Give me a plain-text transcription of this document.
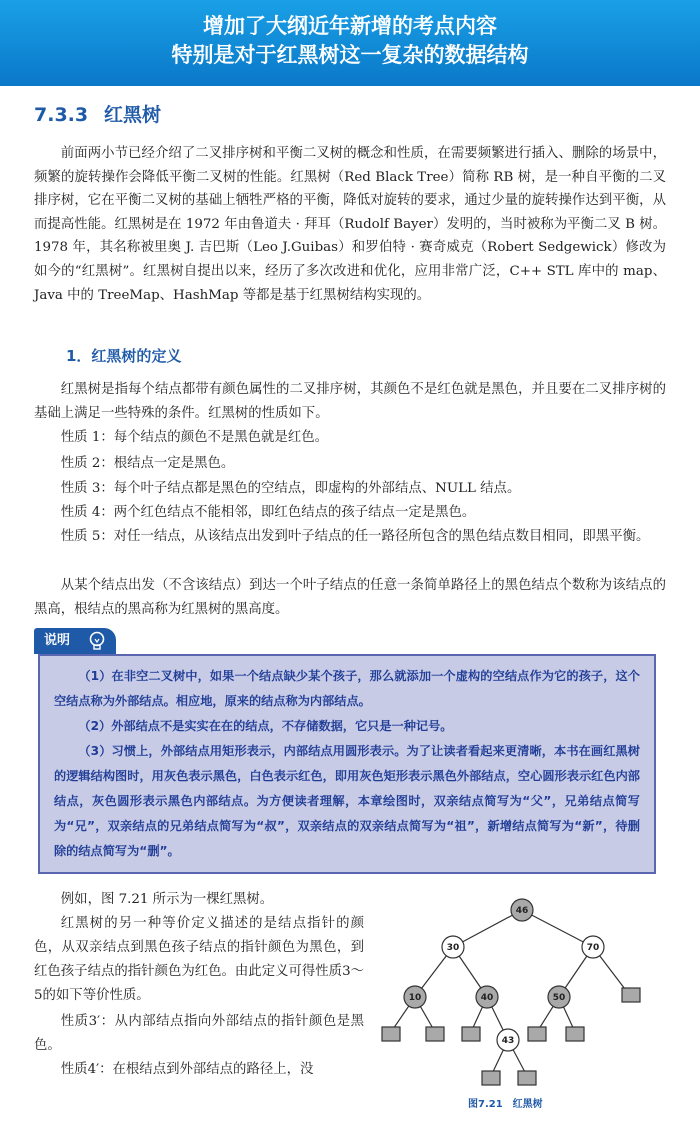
增加了大纲近年新增的考点内容
特别是对于红黑树这一复杂的数据结构
7.3.3 红黑树

前面两小节已经介绍了二叉排序树和平衡二叉树的概念和性质，在需要频繁进行插入、删除的场景中，频繁的旋转操作会降低平衡二叉树的性能。红黑树（Red Black Tree）简称 RB 树，是一种自平衡的二叉排序树，它在平衡二叉树的基础上牺牲严格的平衡，降低对旋转的要求，通过少量的旋转操作达到平衡，从而提高性能。红黑树是在 1972 年由鲁道夫 · 拜耳（Rudolf Bayer）发明的，当时被称为平衡二叉 B 树。1978 年，其名称被里奥 J. 吉巴斯（Leo J.Guibas）和罗伯特 · 赛奇威克（Robert Sedgewick）修改为如今的“红黑树”。红黑树自提出以来，经历了多次改进和优化，应用非常广泛，C++ STL 库中的 map、Java 中的 TreeMap、HashMap 等都是基于红黑树结构实现的。

1．红黑树的定义

红黑树是指每个结点都带有颜色属性的二叉排序树，其颜色不是红色就是黑色，并且要在二叉排序树的基础上满足一些特殊的条件。红黑树的性质如下。

性质 1：每个结点的颜色不是黑色就是红色。

性质 2：根结点一定是黑色。

性质 3：每个叶子结点都是黑色的空结点，即虚构的外部结点、NULL 结点。

性质 4：两个红色结点不能相邻，即红色结点的孩子结点一定是黑色。

性质 5：对任一结点，从该结点出发到叶子结点的任一路径所包含的黑色结点数目相同，即黑平衡。

从某个结点出发（不含该结点）到达一个叶子结点的任意一条简单路径上的黑色结点个数称为该结点的黑高，根结点的黑高称为红黑树的黑高度。

说明

（1）在非空二叉树中，如果一个结点缺少某个孩子，那么就添加一个虚构的空结点作为它的孩子，这个空结点称为外部结点。相应地，原来的结点称为内部结点。

（2）外部结点不是实实在在的结点，不存储数据，它只是一种记号。

（3）习惯上，外部结点用矩形表示，内部结点用圆形表示。为了让读者看起来更清晰，本书在画红黑树的逻辑结构图时，用灰色表示黑色，白色表示红色，即用灰色矩形表示黑色外部结点，空心圆形表示红色内部结点，灰色圆形表示黑色内部结点。为方便读者理解，本章绘图时，双亲结点简写为“父”，兄弟结点简写为“兄”，双亲结点的兄弟结点简写为“叔”，双亲结点的双亲结点简写为“祖”，新增结点简写为“新”，待删除的结点简写为“删”。

例如，图 7.21 所示为一棵红黑树。

红黑树的另一种等价定义描述的是结点指针的颜色，从双亲结点到黑色孩子结点的指针颜色为黑色，到红色孩子结点的指针颜色为红色。由此定义可得性质3～5的如下等价性质。

性质3′：从内部结点指向外部结点的指针颜色是黑色。

性质4′：在根结点到外部结点的路径上，没

46
30	70
10	40	50
43
图7.21　红黑树
